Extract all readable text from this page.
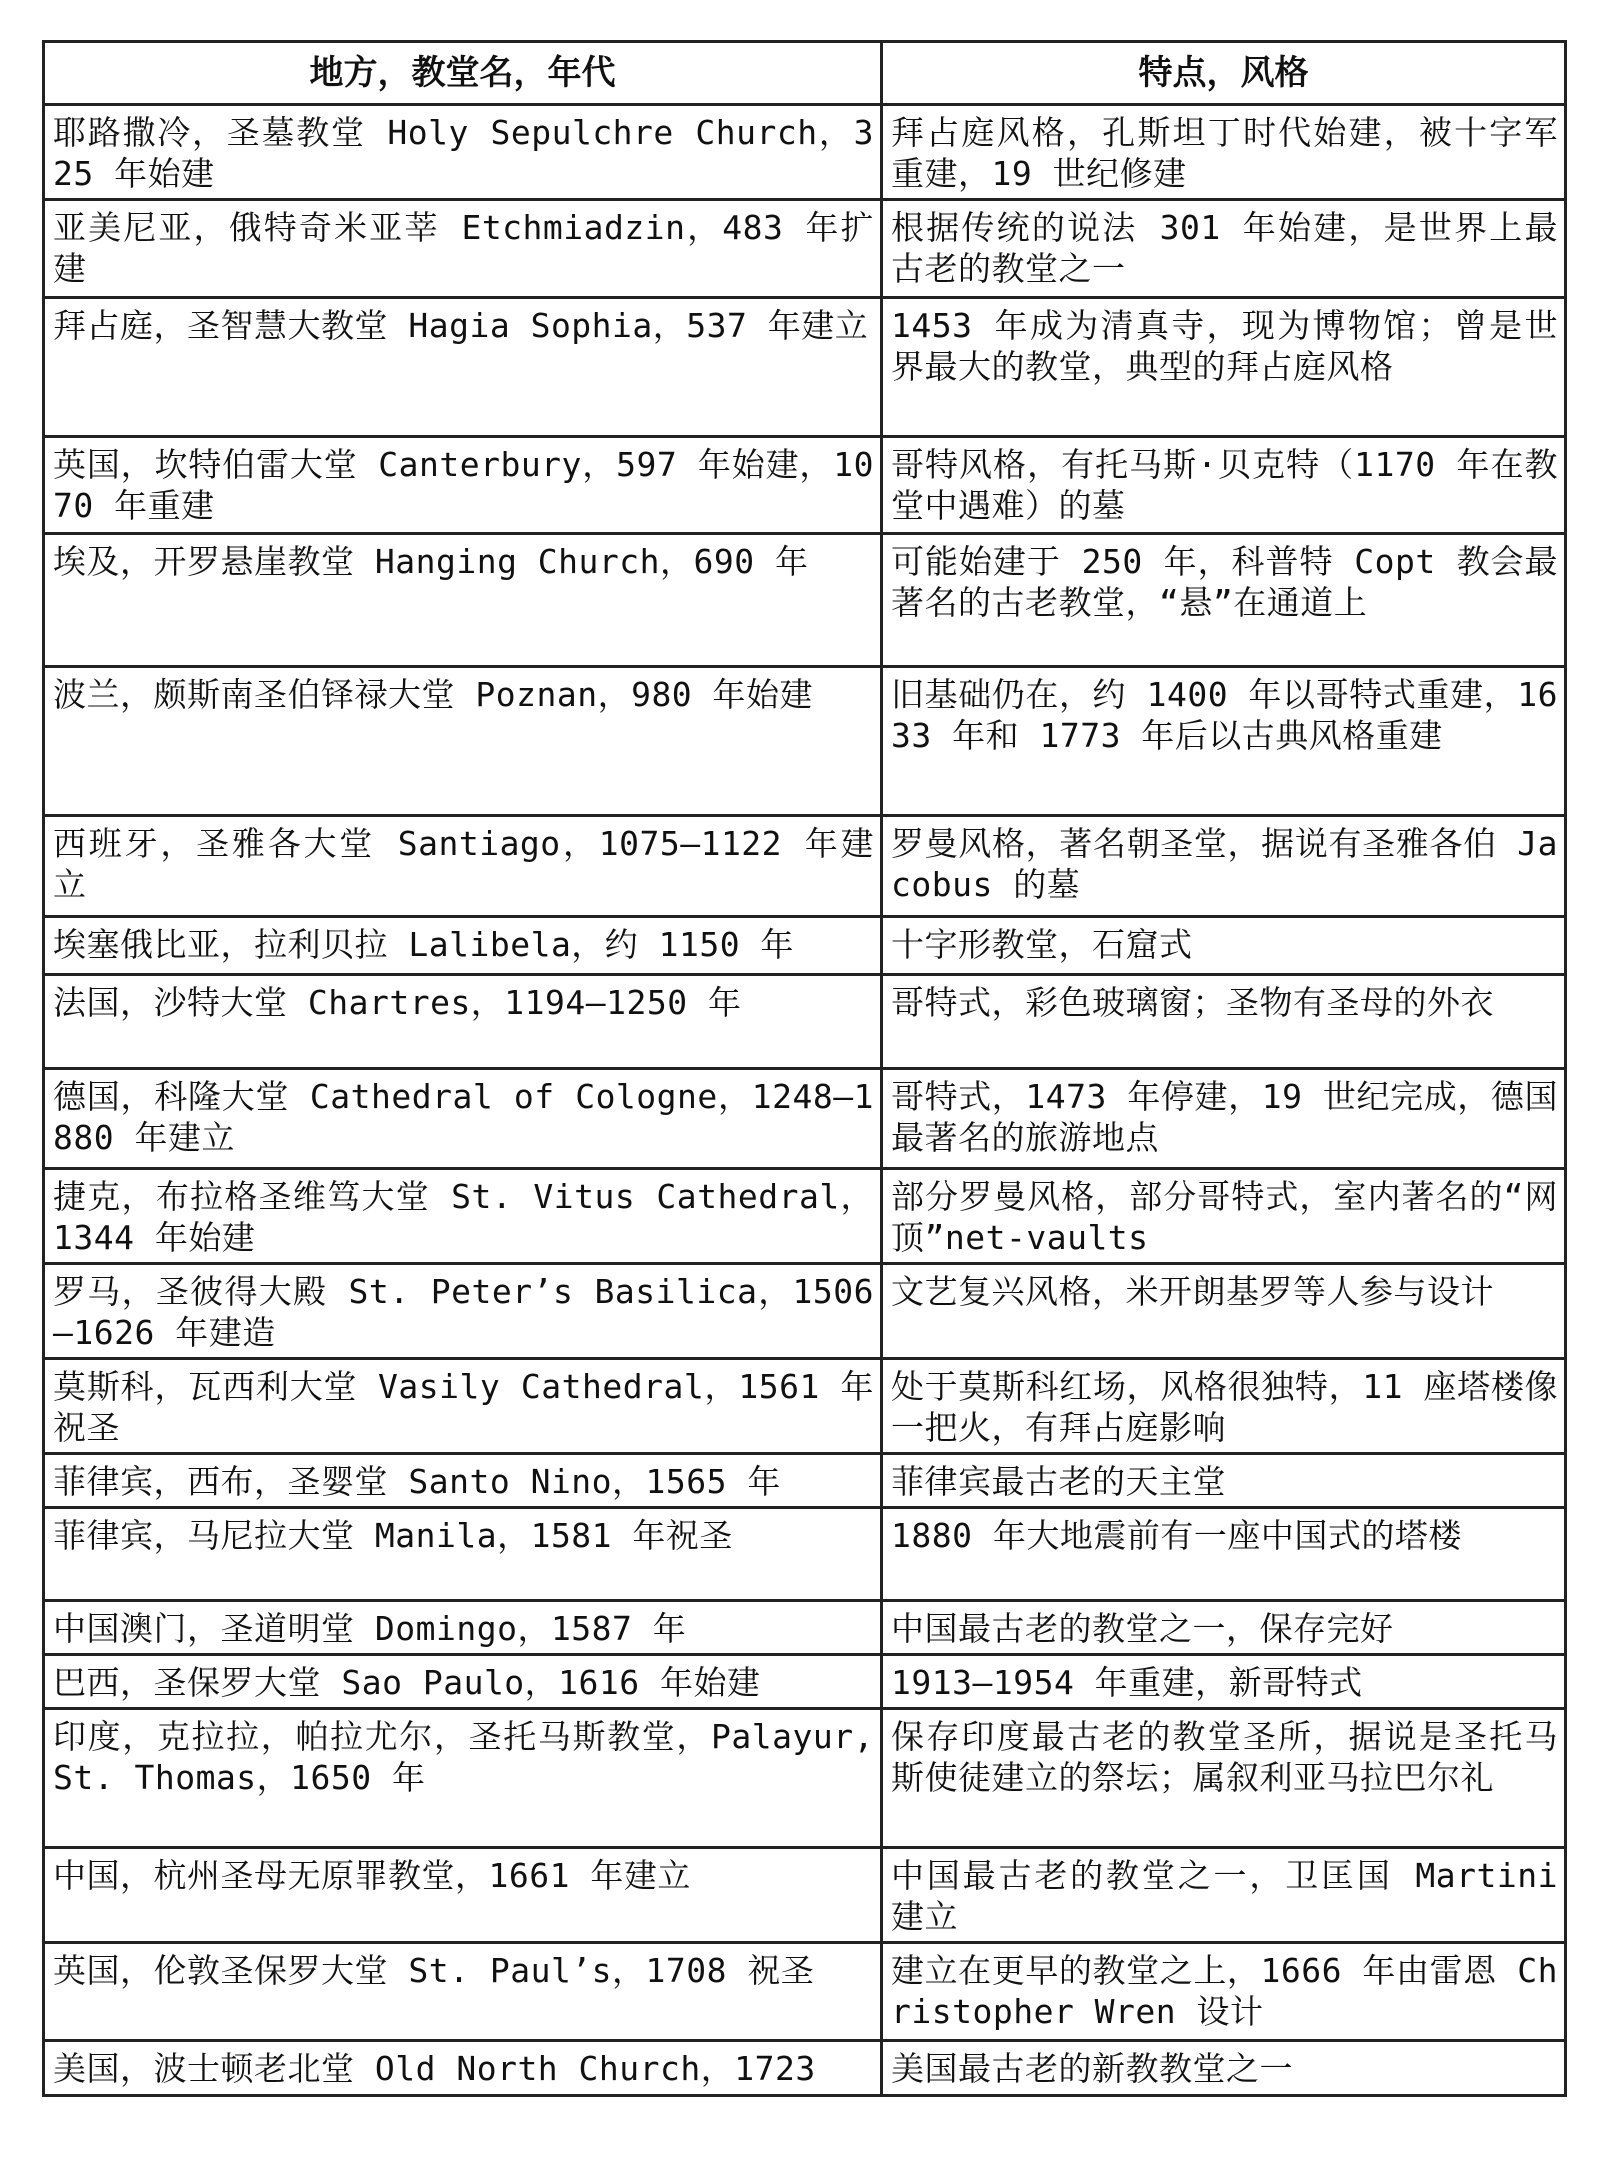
地方，教堂名，年代	特点，风格
耶路撒冷，圣墓教堂 Holy Sepulchre Church，325 年始建	拜占庭风格，孔斯坦丁时代始建，被十字军重建，19 世纪修建
亚美尼亚，俄特奇米亚莘 Etchmiadzin，483 年扩建	根据传统的说法 301 年始建，是世界上最古老的教堂之一
拜占庭，圣智慧大教堂 Hagia Sophia，537 年建立	1453 年成为清真寺，现为博物馆；曾是世界最大的教堂，典型的拜占庭风格
英国，坎特伯雷大堂 Canterbury，597 年始建，1070 年重建	哥特风格，有托马斯·贝克特（1170 年在教堂中遇难）的墓
埃及，开罗悬崖教堂 Hanging Church，690 年	可能始建于 250 年，科普特 Copt 教会最著名的古老教堂，“悬”在通道上
波兰，颇斯南圣伯铎禄大堂 Poznan，980 年始建	旧基础仍在，约 1400 年以哥特式重建，1633 年和 1773 年后以古典风格重建
西班牙，圣雅各大堂 Santiago，1075—1122 年建立	罗曼风格，著名朝圣堂，据说有圣雅各伯 Jacobus 的墓
埃塞俄比亚，拉利贝拉 Lalibela，约 1150 年	十字形教堂，石窟式
法国，沙特大堂 Chartres，1194—1250 年	哥特式，彩色玻璃窗；圣物有圣母的外衣
德国，科隆大堂 Cathedral of Cologne，1248—1880 年建立	哥特式，1473 年停建，19 世纪完成，德国最著名的旅游地点
捷克，布拉格圣维笃大堂 St. Vitus Cathedral，1344 年始建	部分罗曼风格，部分哥特式，室内著名的“网顶”net-vaults
罗马，圣彼得大殿 St. Peter’s Basilica，1506—1626 年建造	文艺复兴风格，米开朗基罗等人参与设计
莫斯科，瓦西利大堂 Vasily Cathedral，1561 年祝圣	处于莫斯科红场，风格很独特，11 座塔楼像一把火，有拜占庭影响
菲律宾，西布，圣婴堂 Santo Nino，1565 年	菲律宾最古老的天主堂
菲律宾，马尼拉大堂 Manila，1581 年祝圣	1880 年大地震前有一座中国式的塔楼
中国澳门，圣道明堂 Domingo，1587 年	中国最古老的教堂之一，保存完好
巴西，圣保罗大堂 Sao Paulo，1616 年始建	1913—1954 年重建，新哥特式
印度，克拉拉，帕拉尤尔，圣托马斯教堂，Palayur, St. Thomas，1650 年	保存印度最古老的教堂圣所，据说是圣托马斯使徒建立的祭坛；属叙利亚马拉巴尔礼
中国，杭州圣母无原罪教堂，1661 年建立	中国最古老的教堂之一，卫匡国 Martini 建立
英国，伦敦圣保罗大堂 St. Paul’s，1708 祝圣	建立在更早的教堂之上，1666 年由雷恩 Christopher Wren 设计
美国，波士顿老北堂 Old North Church，1723	美国最古老的新教教堂之一
